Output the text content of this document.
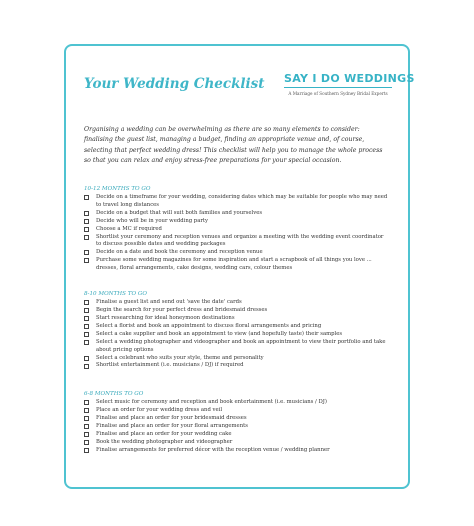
Your Wedding Checklist SAY I DO WEDDINGS
A Marriage of Southern Sydney Bridal Experts
Organising a wedding can be overwhelming as there are so many elements to consider: finalising the guest list, managing a budget, finding an appropriate venue and, of course, selecting that perfect wedding dress! This checklist will help you to manage the whole process so that you can relax and enjoy stress-free preparations for your special occasion.
10-12 MONTHS TO GO
Decide on a timeframe for your wedding, considering dates which may be suitable for people who may need to travel long distances
Decide on a budget that will suit both families and yourselves
Decide who will be in your wedding party
Choose a MC if required
Shortlist your ceremony and reception venues and organize a meeting with the wedding event coordinator to discuss possible dates and wedding packages
Decide on a date and book the ceremony and reception venue
Purchase some wedding magazines for some inspiration and start a scrapbook of all things you love ... dresses, floral arrangements, cake designs, wedding cars, colour themes
8-10 MONTHS TO GO
Finalise a guest list and send out 'save the date' cards
Begin the search for your perfect dress and bridesmaid dresses
Start researching for ideal honeymoon destinations
Select a florist and book an appointment to discuss floral arrangements and pricing
Select a cake supplier and book an appointment to view (and hopefully taste) their samples
Select a wedding photographer and videographer and book an appointment to view their portfolio and take about pricing options
Select a celebrant who suits your style, theme and personality
Shortlist entertainment (i.e. musicians / DJ) if required
6-8 MONTHS TO GO
Select music for ceremony and reception and book entertainment (i.e. musicians / DJ)
Place an order for your wedding dress and veil
Finalise and place an order for your bridesmaid dresses
Finalise and place an order for your floral arrangements
Finalise and place an order for your wedding cake
Book the wedding photographer and videographer
Finalise arrangements for preferred décor with the reception venue / wedding planner
